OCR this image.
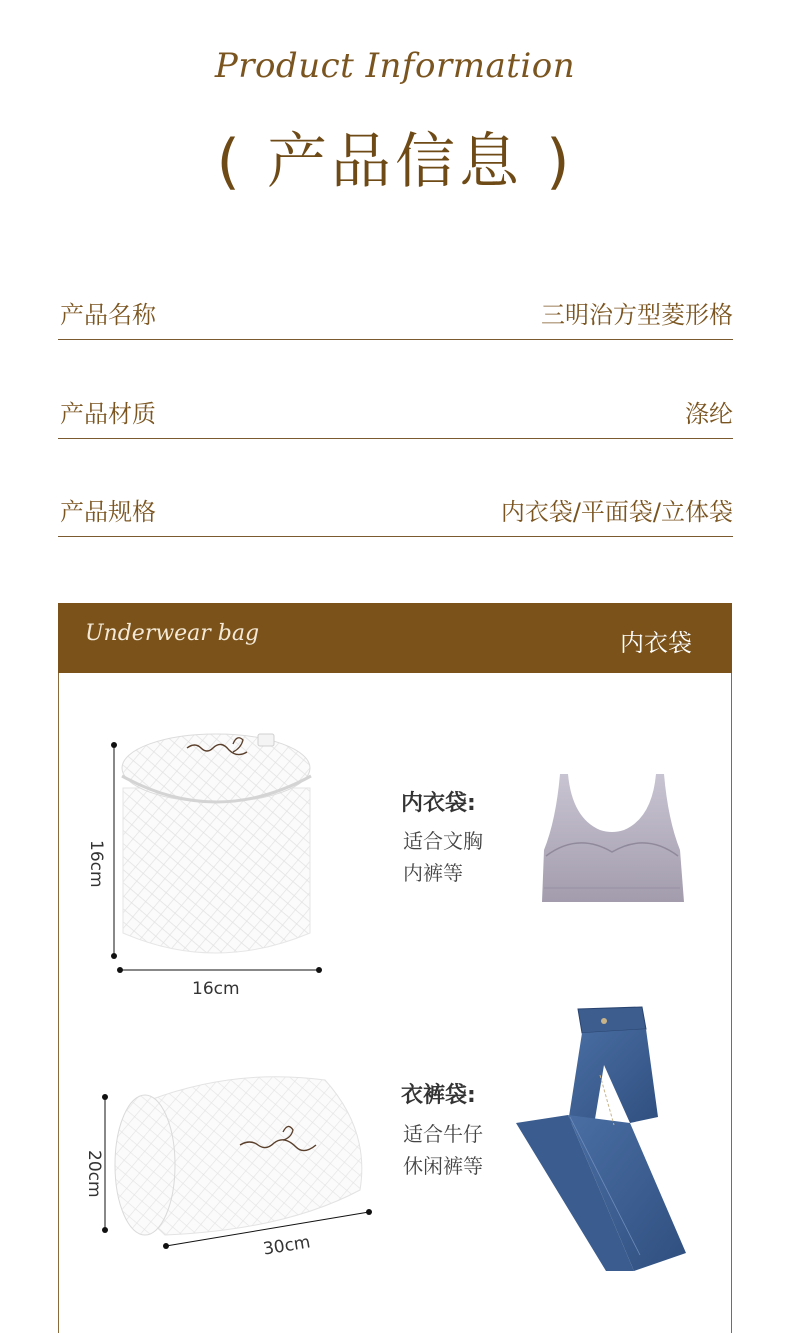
Product Information
( 产品信息 )
产品名称	三明治方型菱形格
产品材质	涤纶
产品规格	内衣袋/平面袋/立体袋
Underwear bag	内衣袋
16cm
16cm
内衣袋:
适合文胸
内裤等
20cm
30cm
衣裤袋:
适合牛仔
休闲裤等
